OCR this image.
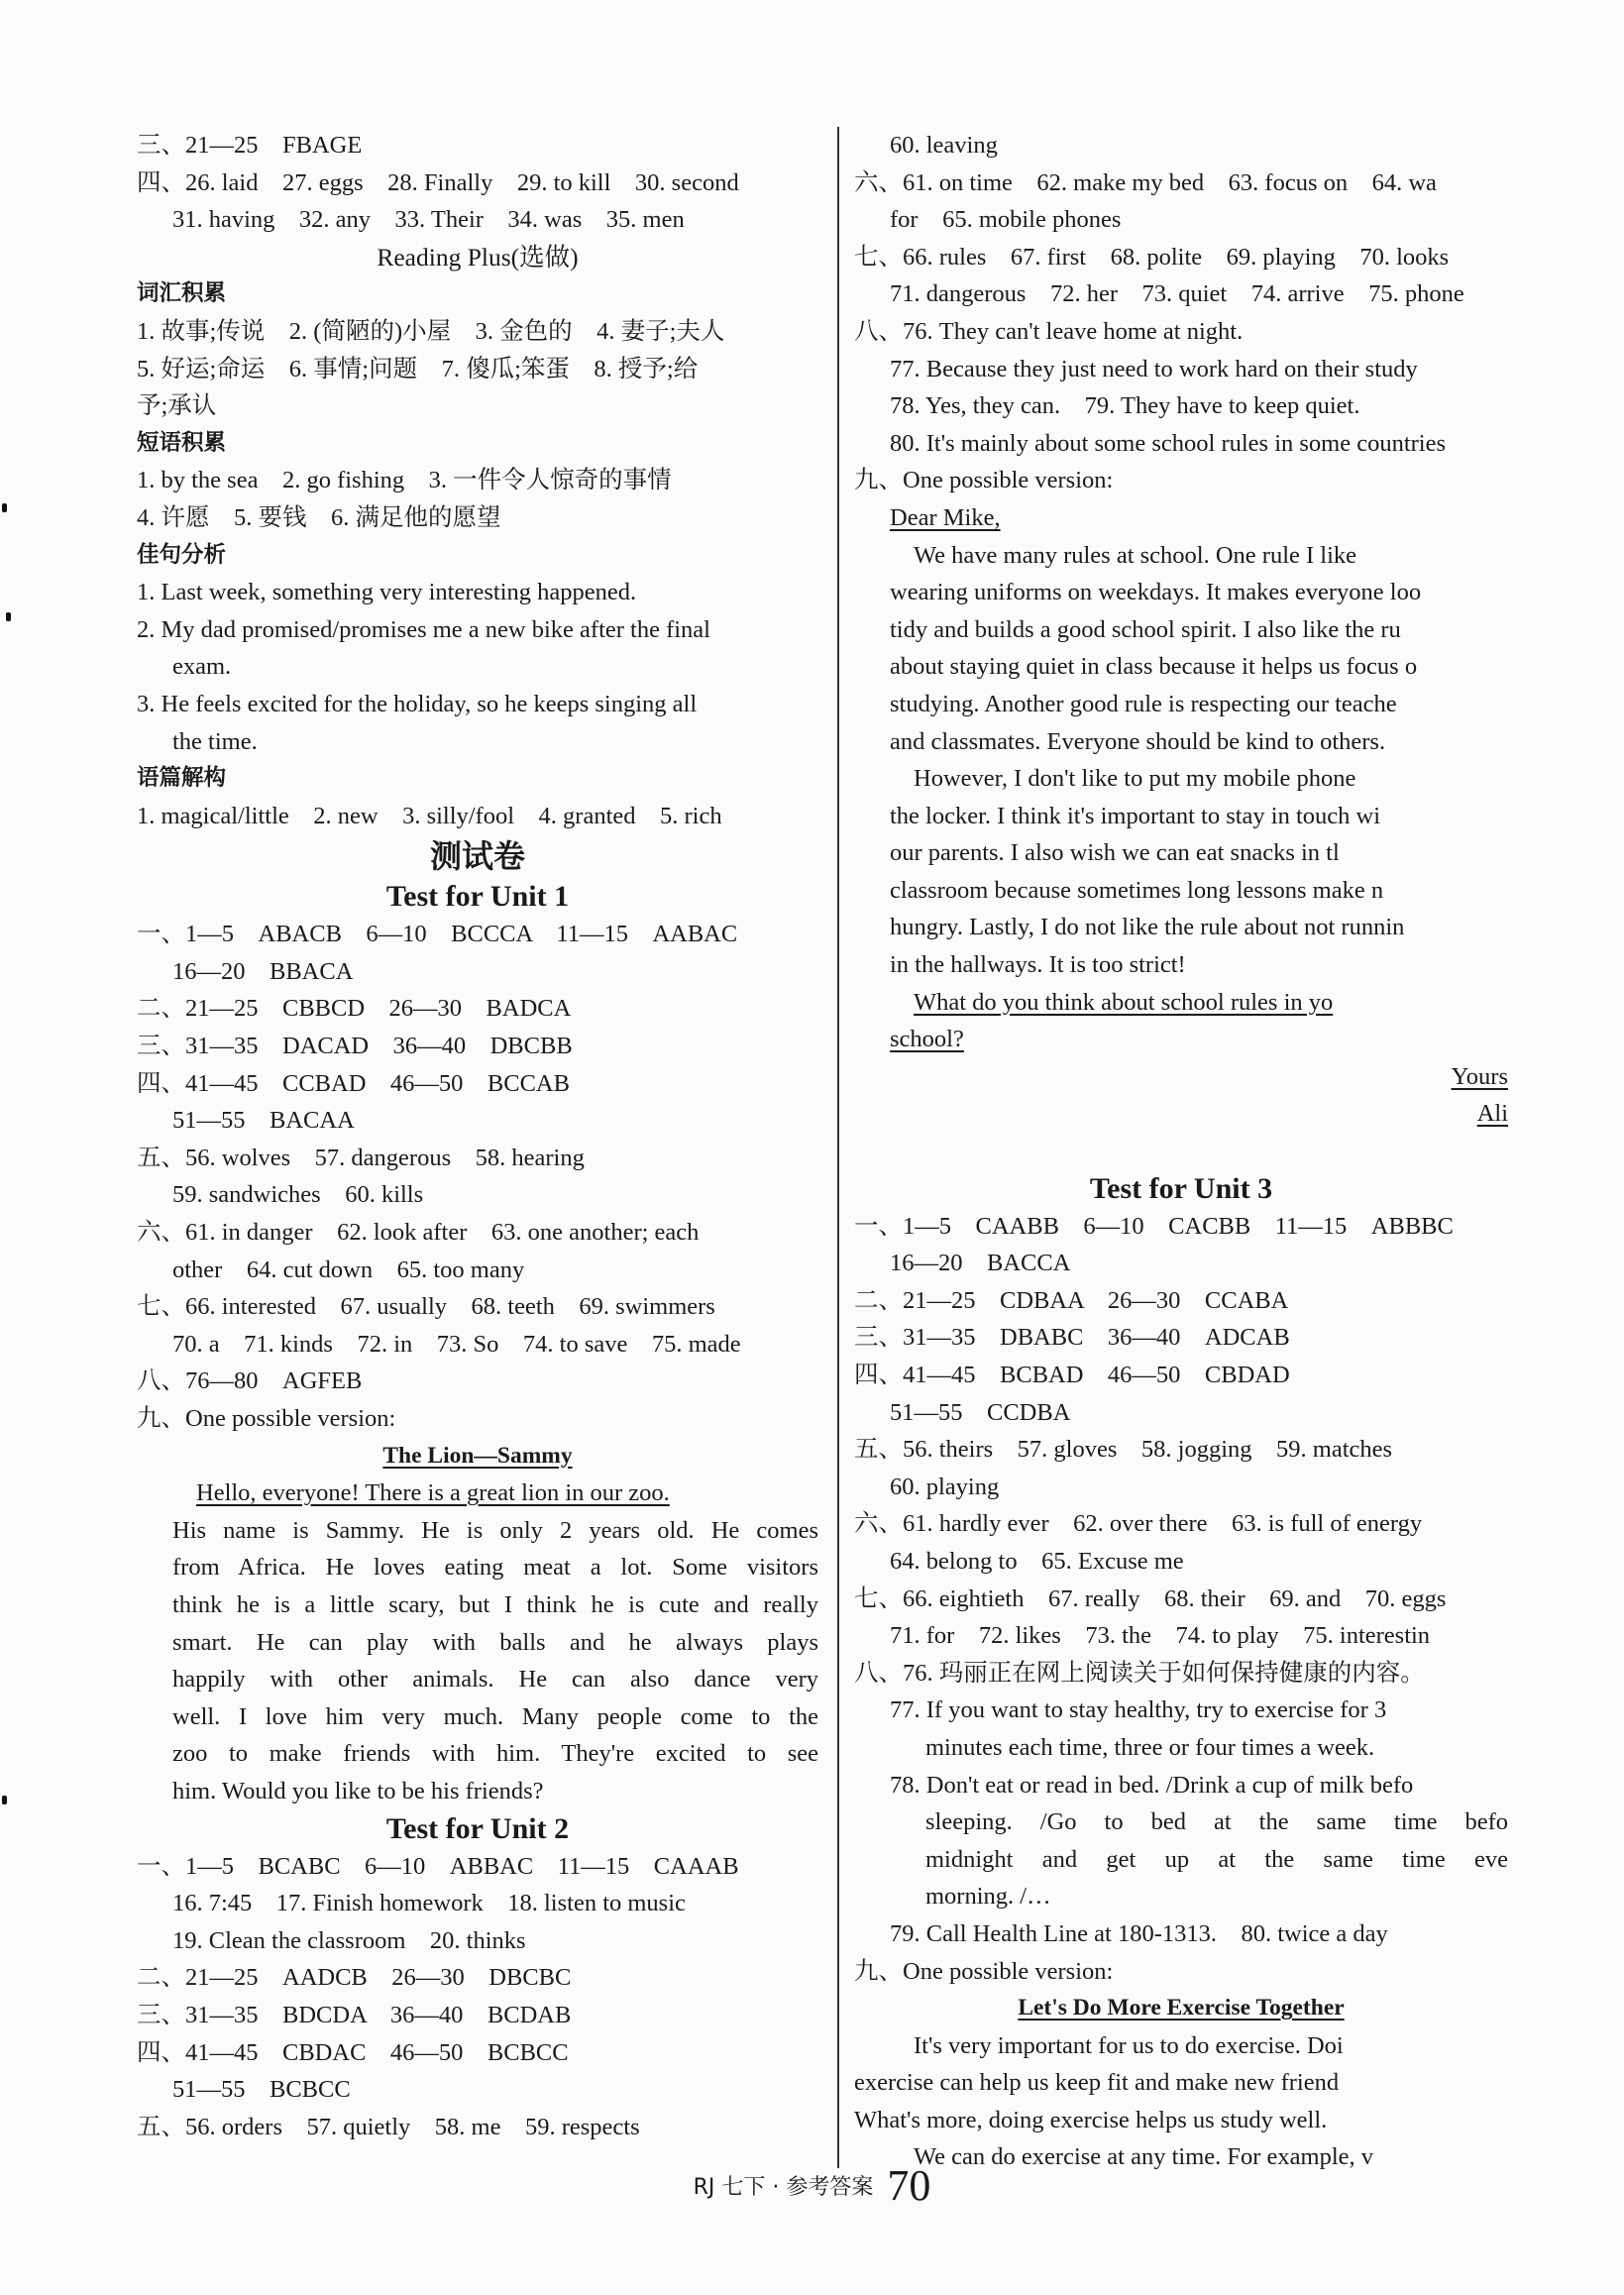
三、21—25　FBAGE
四、26. laid　27. eggs　28. Finally　29. to kill　30. second
31. having　32. any　33. Their　34. was　35. men
Reading Plus(选做)
词汇积累
1. 故事;传说　2. (简陋的)小屋　3. 金色的　4. 妻子;夫人
5. 好运;命运　6. 事情;问题　7. 傻瓜;笨蛋　8. 授予;给
予;承认
短语积累
1. by the sea　2. go fishing　3. 一件令人惊奇的事情
4. 许愿　5. 要钱　6. 满足他的愿望
佳句分析
1. Last week, something very interesting happened.
2. My dad promised/promises me a new bike after the final
exam.
3. He feels excited for the holiday, so he keeps singing all
the time.
语篇解构
1. magical/little　2. new　3. silly/fool　4. granted　5. rich
测试卷
Test for Unit 1
一、1—5　ABACB　6—10　BCCCA　11—15　AABAC
16—20　BBACA
二、21—25　CBBCD　26—30　BADCA
三、31—35　DACAD　36—40　DBCBB
四、41—45　CCBAD　46—50　BCCAB
51—55　BACAA
五、56. wolves　57. dangerous　58. hearing
59. sandwiches　60. kills
六、61. in danger　62. look after　63. one another; each
other　64. cut down　65. too many
七、66. interested　67. usually　68. teeth　69. swimmers
70. a　71. kinds　72. in　73. So　74. to save　75. made
八、76—80　AGFEB
九、One possible version:
The Lion—Sammy
Hello, everyone! There is a great lion in our zoo.
His name is Sammy. He is only 2 years old. He comes
from Africa. He loves eating meat a lot. Some visitors
think he is a little scary, but I think he is cute and really
smart. He can play with balls and he always plays
happily with other animals. He can also dance very
well. I love him very much. Many people come to the
zoo to make friends with him. They're excited to see
him. Would you like to be his friends?
Test for Unit 2
一、1—5　BCABC　6—10　ABBAC　11—15　CAAAB
16. 7:45　17. Finish homework　18. listen to music
19. Clean the classroom　20. thinks
二、21—25　AADCB　26—30　DBCBC
三、31—35　BDCDA　36—40　BCDAB
四、41—45　CBDAC　46—50　BCBCC
51—55　BCBCC
五、56. orders　57. quietly　58. me　59. respects
60. leaving
六、61. on time　62. make my bed　63. focus on　64. wa
for　65. mobile phones
七、66. rules　67. first　68. polite　69. playing　70. looks
71. dangerous　72. her　73. quiet　74. arrive　75. phone
八、76. They can't leave home at night.
77. Because they just need to work hard on their study
78. Yes, they can.　79. They have to keep quiet.
80. It's mainly about some school rules in some countries
九、One possible version:
Dear Mike,
We have many rules at school. One rule I like
wearing uniforms on weekdays. It makes everyone loo
tidy and builds a good school spirit. I also like the ru
about staying quiet in class because it helps us focus o
studying. Another good rule is respecting our teache
and classmates. Everyone should be kind to others.
However, I don't like to put my mobile phone
the locker. I think it's important to stay in touch wi
our parents. I also wish we can eat snacks in tl
classroom because sometimes long lessons make n
hungry. Lastly, I do not like the rule about not runnin
in the hallways. It is too strict!
What do you think about school rules in yo
school?
Yours
Ali
Test for Unit 3
一、1—5　CAABB　6—10　CACBB　11—15　ABBBC
16—20　BACCA
二、21—25　CDBAA　26—30　CCABA
三、31—35　DBABC　36—40　ADCAB
四、41—45　BCBAD　46—50　CBDAD
51—55　CCDBA
五、56. theirs　57. gloves　58. jogging　59. matches
60. playing
六、61. hardly ever　62. over there　63. is full of energy
64. belong to　65. Excuse me
七、66. eightieth　67. really　68. their　69. and　70. eggs
71. for　72. likes　73. the　74. to play　75. interestin
八、76. 玛丽正在网上阅读关于如何保持健康的内容。
77. If you want to stay healthy, try to exercise for 3
minutes each time, three or four times a week.
78. Don't eat or read in bed. /Drink a cup of milk befo
sleeping. /Go to bed at the same time befo
midnight and get up at the same time eve
morning. /…
79. Call Health Line at 180-1313.　80. twice a day
九、One possible version:
Let's Do More Exercise Together
It's very important for us to do exercise. Doi
exercise can help us keep fit and make new friend
What's more, doing exercise helps us study well.
We can do exercise at any time. For example, v
RJ 七下 · 参考答案 70
